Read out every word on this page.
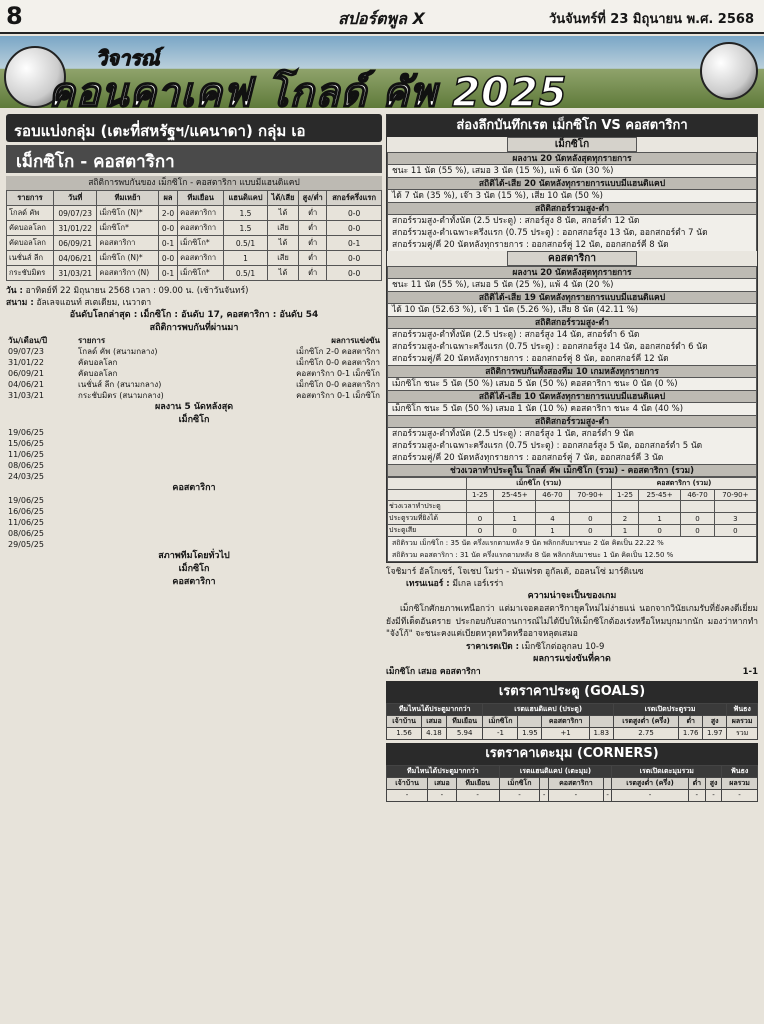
8	สปอร์ตพูล X	วันจันทร์ที่ 23 มิถุนายน พ.ศ. 2568
วิจารณ์
คอนคาเคฟ โกลด์ คัพ 2025
รอบแบ่งกลุ่ม (เตะที่สหรัฐฯ/แคนาดา) กลุ่ม เอ
เม็กซิโก - คอสตาริกา
สถิติการพบกันของ เม็กซิโก - คอสตาริกา แบบมีแฮนดิแคป
รายการ	วันที่	ทีมเหย้า	ผล	ทีมเยือน	แฮนดิแคป	ได้/เสีย	สูง/ต่ำ	สกอร์ครึ่งแรก
โกลด์ คัพ	09/07/23	เม็กซิโก (N)*	2-0	คอสตาริกา	1.5	ได้	ต่ำ	0-0
คัดบอลโลก	31/01/22	เม็กซิโก*	0-0	คอสตาริกา	1.5	เสีย	ต่ำ	0-0
คัดบอลโลก	06/09/21	คอสตาริกา	0-1	เม็กซิโก*	0.5/1	ได้	ต่ำ	0-1
เนชั่นส์ ลีก	04/06/21	เม็กซิโก (N)*	0-0	คอสตาริกา	1	เสีย	ต่ำ	0-0
กระชับมิตร	31/03/21	คอสตาริกา (N)	0-1	เม็กซิโก*	0.5/1	ได้	ต่ำ	0-0
วัน : อาทิตย์ที่ 22 มิถุนายน 2568 เวลา : 09.00 น. (เช้าวันจันทร์)
สนาม : อัลเลจแอนท์ สเตเดียม, เนวาดา
อันดับโลกล่าสุด : เม็กซิโก : อันดับ 17, คอสตาริกา : อันดับ 54
สถิติการพบกันที่ผ่านมา
วัน/เดือน/ปี	รายการ	ผลการแข่งขัน
09/07/23	โกลด์ คัพ (สนามกลาง)	เม็กซิโก 2-0 คอสตาริกา
31/01/22	คัดบอลโลก	เม็กซิโก 0-0 คอสตาริกา
06/09/21	คัดบอลโลก	คอสตาริกา 0-1 เม็กซิโก
04/06/21	เนชั่นส์ ลีก (สนามกลาง)	เม็กซิโก 0-0 คอสตาริกา
31/03/21	กระชับมิตร (สนามกลาง)	คอสตาริกา 0-1 เม็กซิโก
ผลงาน 5 นัดหลังสุด
เม็กซิโก
19/06/25				
15/06/25				
11/06/25				
08/06/25				
24/03/25				
คอสตาริกา
19/06/25				
16/06/25				
11/06/25				
08/06/25				
29/05/25				
สภาพทีมโดยทั่วไป
เม็กซิโก

คอสตาริกา

ส่องลึกบันทึกเรต เม็กซิโก VS คอสตาริกา
เม็กซิโก
ผลงาน 20 นัดหลังสุดทุกรายการ
ชนะ 11 นัด (55 %), เสมอ 3 นัด (15 %), แพ้ 6 นัด (30 %)
สถิติได้-เสีย 20 นัดหลังทุกรายการแบบมีแฮนดิแคป
ได้ 7 นัด (35 %), เจ๊า 3 นัด (15 %), เสีย 10 นัด (50 %)
สถิติสกอร์รวมสูง-ต่ำ
สกอร์รวมสูง-ต่ำทั้งนัด (2.5 ประตู) : สกอร์สูง 8 นัด, สกอร์ต่ำ 12 นัด
สกอร์รวมสูง-ต่ำเฉพาะครึ่งแรก (0.75 ประตู) : ออกสกอร์สูง 13 นัด, ออกสกอร์ต่ำ 7 นัด
สกอร์รวมคู่/คี่ 20 นัดหลังทุกรายการ : ออกสกอร์คู่ 12 นัด, ออกสกอร์คี่ 8 นัด
คอสตาริกา
ผลงาน 20 นัดหลังสุดทุกรายการ
ชนะ 11 นัด (55 %), เสมอ 5 นัด (25 %), แพ้ 4 นัด (20 %)
สถิติได้-เสีย 19 นัดหลังทุกรายการแบบมีแฮนดิแคป
ได้ 10 นัด (52.63 %), เจ๊า 1 นัด (5.26 %), เสีย 8 นัด (42.11 %)
สถิติสกอร์รวมสูง-ต่ำ
สกอร์รวมสูง-ต่ำทั้งนัด (2.5 ประตู) : สกอร์สูง 14 นัด, สกอร์ต่ำ 6 นัด
สกอร์รวมสูง-ต่ำเฉพาะครึ่งแรก (0.75 ประตู) : ออกสกอร์สูง 14 นัด, ออกสกอร์ต่ำ 6 นัด
สกอร์รวมคู่/คี่ 20 นัดหลังทุกรายการ : ออกสกอร์คู่ 8 นัด, ออกสกอร์คี่ 12 นัด
สถิติการพบกันทั้งสองทีม 10 เกมหลังทุกรายการ
เม็กซิโก ชนะ 5 นัด (50 %) เสมอ 5 นัด (50 %) คอสตาริกา ชนะ 0 นัด (0 %)
สถิติได้-เสีย 10 นัดหลังทุกรายการแบบมีแฮนดิแคป
เม็กซิโก ชนะ 5 นัด (50 %) เสมอ 1 นัด (10 %) คอสตาริกา ชนะ 4 นัด (40 %)
สถิติสกอร์รวมสูง-ต่ำ
สกอร์รวมสูง-ต่ำทั้งนัด (2.5 ประตู) : สกอร์สูง 1 นัด, สกอร์ต่ำ 9 นัด
สกอร์รวมสูง-ต่ำเฉพาะครึ่งแรก (0.75 ประตู) : ออกสกอร์สูง 5 นัด, ออกสกอร์ต่ำ 5 นัด
สกอร์รวมคู่/คี่ 20 นัดหลังทุกรายการ : ออกสกอร์คู่ 7 นัด, ออกสกอร์คี่ 3 นัด
ช่วงเวลาทำประตูใน โกลด์ คัพ เม็กซิโก (รวม) - คอสตาริกา (รวม)
	เม็กซิโก (รวม)				คอสตาริกา (รวม)			
	1-25	25-45+	46-70	70-90+	1-25	25-45+	46-70	70-90+
ช่วงเวลาทำประตู								
ประตูรวมที่ยิงได้	0	1	4	0	2	1	0	3
ประตูเสีย	0	0	1	0	1	0	0	0
สถิติรวม เม็กซิโก : 35 นัด ครึ่งแรกตามหลัง 9 นัด พลิกกลับมาชนะ 2 นัด คิดเป็น 22.22 %
สถิติรวม คอสตาริกา : 31 นัด ครึ่งแรกตามหลัง 8 นัด พลิกกลับมาชนะ 1 นัด คิดเป็น 12.50 %
โจชิมาร์ อัลโกเซร์, โจเชป โมร่า - มันเฟรด อูกัลเด้, ออลนโซ่ มาร์ติเนซ
เทรนเนอร์ : มีเกล เอร์เรร่า
ความน่าจะเป็นของเกม

เม็กซิโกศักยภาพเหนือกว่า แต่มาเจอคอสตาริกายุคใหม่ไม่ง่ายแน่ นอกจากวินัยเกมรับที่ยังคงดีเยี่ยมยังมีทีเด็ดอันตราย ประกอบกับสถานการณ์ไม่ได้บีบให้เม็กซิโกต้องเร่งหรือโหมบุกมากนัก มองว่าหากทำ "จังโก้" จะชนะคงแค่เบียดหวุดหวิดหรืออาจหลุดเสมอ

ราคาเรตเปิด : เม็กซิโกต่อลูกลบ 10-9
ผลการแข่งขันที่คาด
เม็กซิโก เสมอ คอสตาริกา	1-1
เรตราคาประตู (GOALS)
ทีมไหนได้ประตูมากกว่า			เรตแฮนดิแคป (ประตู)				เรตเปิดประตูรวม			ฟันธง
เจ้าบ้าน	เสมอ	ทีมเยือน	เม็กซิโก		คอสตาริกา		เรตสูงต่ำ (ครึ่ง)	ต่ำ	สูง	ผลรวม
1.56	4.18	5.94	-1	1.95	+1	1.83	2.75	1.76	1.97	รวม
เรตราคาเตะมุม (CORNERS)
ทีมไหนได้ประตูมากกว่า			เรตแฮนดิแคป (เตะมุม)				เรตเปิดเตะมุมรวม			ฟันธง
เจ้าบ้าน	เสมอ	ทีมเยือน	เม็กซิโก		คอสตาริกา		เรตสูงต่ำ (ครึ่ง)	ต่ำ	สูง	ผลรวม
-	-	-	-	-	-	-	-	-	-	-
